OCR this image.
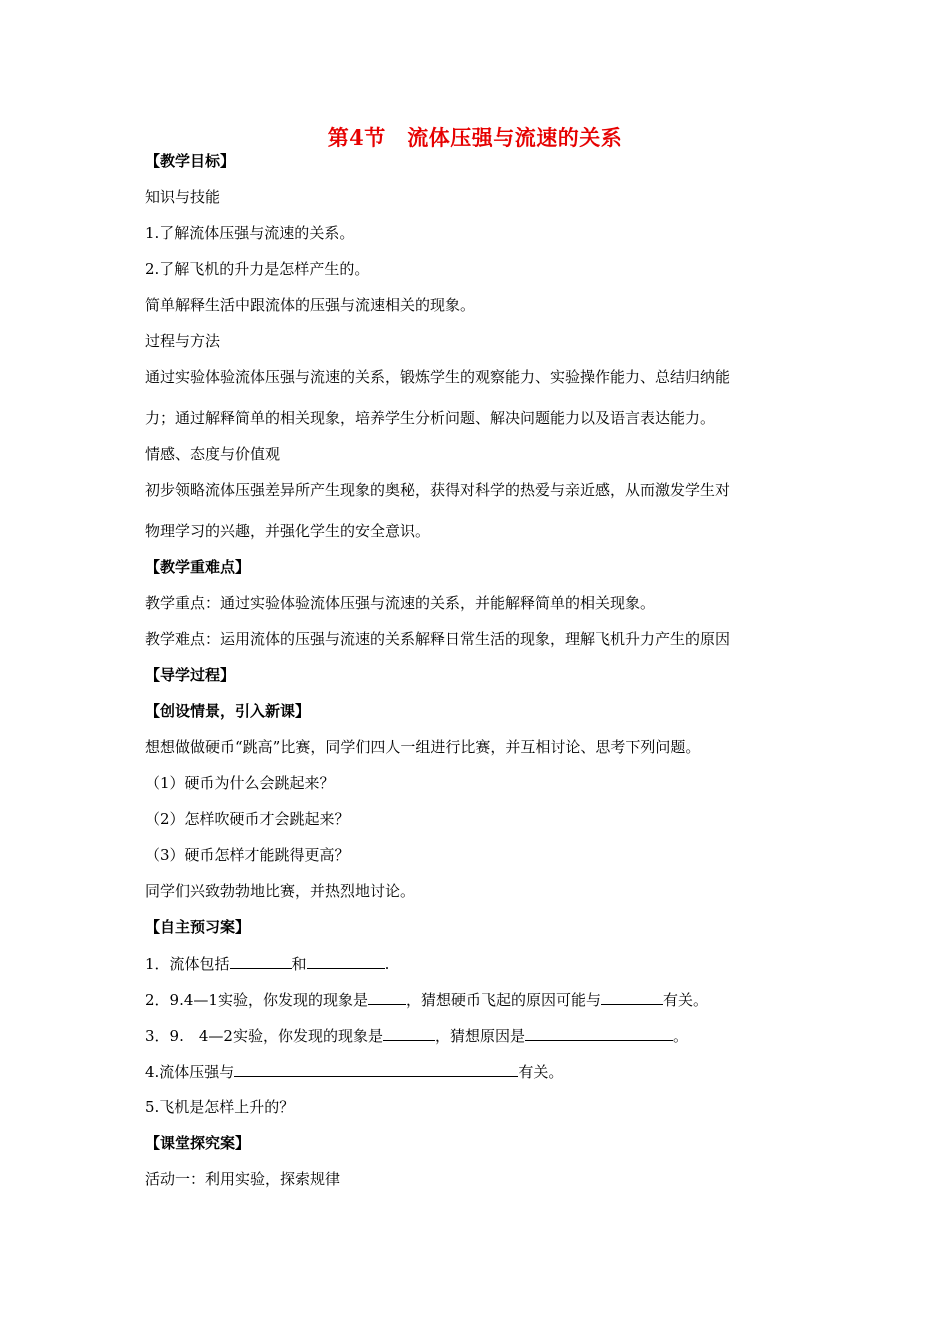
第4节　流体压强与流速的关系
【教学目标】
知识与技能
1.了解流体压强与流速的关系。
2.了解飞机的升力是怎样产生的。
简单解释生活中跟流体的压强与流速相关的现象。
过程与方法
通过实验体验流体压强与流速的关系，锻炼学生的观察能力、实验操作能力、总结归纳能
力；通过解释简单的相关现象，培养学生分析问题、解决问题能力以及语言表达能力。
情感、态度与价值观
初步领略流体压强差异所产生现象的奥秘，获得对科学的热爱与亲近感，从而激发学生对
物理学习的兴趣，并强化学生的安全意识。
【教学重难点】
教学重点：通过实验体验流体压强与流速的关系，并能解释简单的相关现象。
教学难点：运用流体的压强与流速的关系解释日常生活的现象，理解飞机升力产生的原因
【导学过程】
【创设情景，引入新课】
想想做做硬币“跳高”比赛，同学们四人一组进行比赛，并互相讨论、思考下列问题。
（1）硬币为什么会跳起来？
（2）怎样吹硬币才会跳起来？
（3）硬币怎样才能跳得更高？
同学们兴致勃勃地比赛，并热烈地讨论。
【自主预习案】
1．流体包括	和	.
2．9.4—1实验，你发现的现象是	，猜想硬币飞起的原因可能与	有关。
3．9.　4—2实验，你发现的现象是	，猜想原因是	。
4.流体压强与	有关。
5.飞机是怎样上升的？
【课堂探究案】
活动一：利用实验，探索规律
